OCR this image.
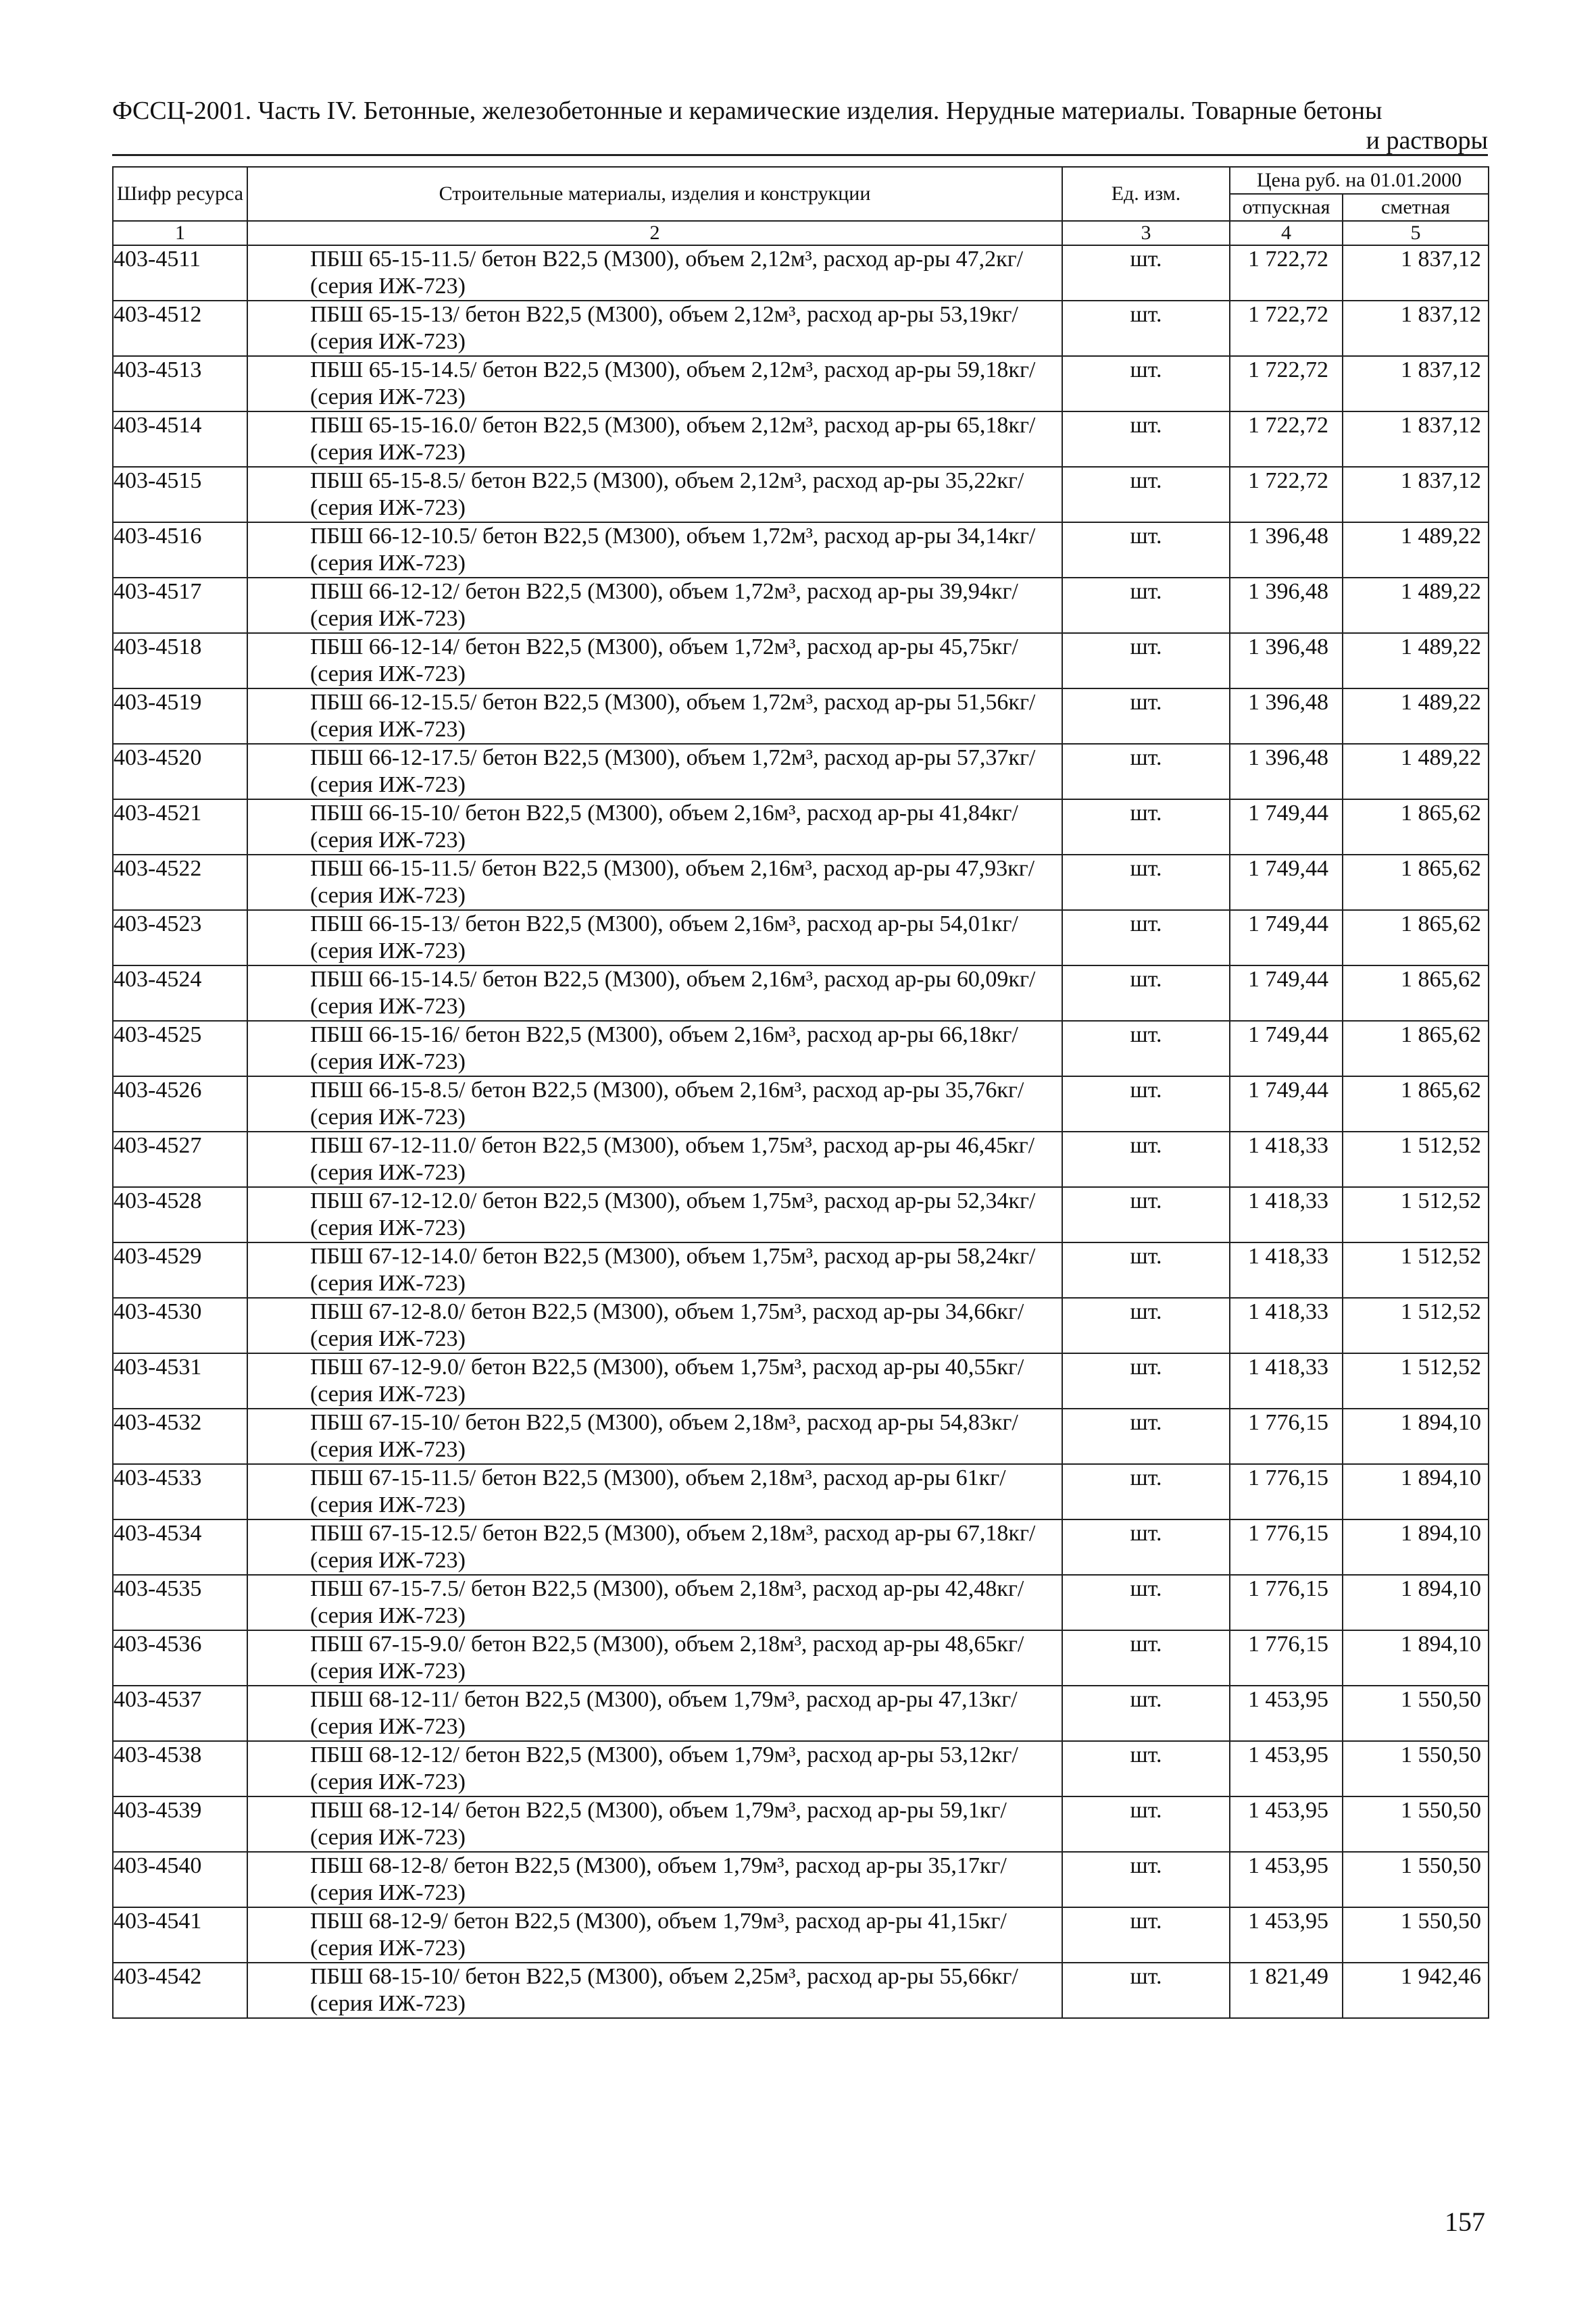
ФССЦ-2001. Часть IV. Бетонные, железобетонные и керамические изделия. Нерудные материалы. Товарные бетоны
и растворы
Шифр ресурса	Строительные материалы, изделия и конструкции	Ед. изм.	Цена руб. на 01.01.2000	
			отпускная	сметная
1	2	3	4	5
403-4511	ПБШ 65-15-11.5/ бетон В22,5 (М300), объем 2,12м³, расход ар-ры 47,2кг/ (серия ИЖ-723)	шт.	1 722,72	1 837,12
403-4512	ПБШ 65-15-13/ бетон В22,5 (М300), объем 2,12м³, расход ар-ры 53,19кг/ (серия ИЖ-723)	шт.	1 722,72	1 837,12
403-4513	ПБШ 65-15-14.5/ бетон В22,5 (М300), объем 2,12м³, расход ар-ры 59,18кг/ (серия ИЖ-723)	шт.	1 722,72	1 837,12
403-4514	ПБШ 65-15-16.0/ бетон В22,5 (М300), объем 2,12м³, расход ар-ры 65,18кг/ (серия ИЖ-723)	шт.	1 722,72	1 837,12
403-4515	ПБШ 65-15-8.5/ бетон В22,5 (М300), объем 2,12м³, расход ар-ры 35,22кг/ (серия ИЖ-723)	шт.	1 722,72	1 837,12
403-4516	ПБШ 66-12-10.5/ бетон В22,5 (М300), объем 1,72м³, расход ар-ры 34,14кг/ (серия ИЖ-723)	шт.	1 396,48	1 489,22
403-4517	ПБШ 66-12-12/ бетон В22,5 (М300), объем 1,72м³, расход ар-ры 39,94кг/ (серия ИЖ-723)	шт.	1 396,48	1 489,22
403-4518	ПБШ 66-12-14/ бетон В22,5 (М300), объем 1,72м³, расход ар-ры 45,75кг/ (серия ИЖ-723)	шт.	1 396,48	1 489,22
403-4519	ПБШ 66-12-15.5/ бетон В22,5 (М300), объем 1,72м³, расход ар-ры 51,56кг/ (серия ИЖ-723)	шт.	1 396,48	1 489,22
403-4520	ПБШ 66-12-17.5/ бетон В22,5 (М300), объем 1,72м³, расход ар-ры 57,37кг/ (серия ИЖ-723)	шт.	1 396,48	1 489,22
403-4521	ПБШ 66-15-10/ бетон В22,5 (М300), объем 2,16м³, расход ар-ры 41,84кг/ (серия ИЖ-723)	шт.	1 749,44	1 865,62
403-4522	ПБШ 66-15-11.5/ бетон В22,5 (М300), объем 2,16м³, расход ар-ры 47,93кг/ (серия ИЖ-723)	шт.	1 749,44	1 865,62
403-4523	ПБШ 66-15-13/ бетон В22,5 (М300), объем 2,16м³, расход ар-ры 54,01кг/ (серия ИЖ-723)	шт.	1 749,44	1 865,62
403-4524	ПБШ 66-15-14.5/ бетон В22,5 (М300), объем 2,16м³, расход ар-ры 60,09кг/ (серия ИЖ-723)	шт.	1 749,44	1 865,62
403-4525	ПБШ 66-15-16/ бетон В22,5 (М300), объем 2,16м³, расход ар-ры 66,18кг/ (серия ИЖ-723)	шт.	1 749,44	1 865,62
403-4526	ПБШ 66-15-8.5/ бетон В22,5 (М300), объем 2,16м³, расход ар-ры 35,76кг/ (серия ИЖ-723)	шт.	1 749,44	1 865,62
403-4527	ПБШ 67-12-11.0/ бетон В22,5 (М300), объем 1,75м³, расход ар-ры 46,45кг/ (серия ИЖ-723)	шт.	1 418,33	1 512,52
403-4528	ПБШ 67-12-12.0/ бетон В22,5 (М300), объем 1,75м³, расход ар-ры 52,34кг/ (серия ИЖ-723)	шт.	1 418,33	1 512,52
403-4529	ПБШ 67-12-14.0/ бетон В22,5 (М300), объем 1,75м³, расход ар-ры 58,24кг/ (серия ИЖ-723)	шт.	1 418,33	1 512,52
403-4530	ПБШ 67-12-8.0/ бетон В22,5 (М300), объем 1,75м³, расход ар-ры 34,66кг/ (серия ИЖ-723)	шт.	1 418,33	1 512,52
403-4531	ПБШ 67-12-9.0/ бетон В22,5 (М300), объем 1,75м³, расход ар-ры 40,55кг/ (серия ИЖ-723)	шт.	1 418,33	1 512,52
403-4532	ПБШ 67-15-10/ бетон В22,5 (М300), объем 2,18м³, расход ар-ры 54,83кг/ (серия ИЖ-723)	шт.	1 776,15	1 894,10
403-4533	ПБШ 67-15-11.5/ бетон В22,5 (М300), объем 2,18м³, расход ар-ры 61кг/ (серия ИЖ-723)	шт.	1 776,15	1 894,10
403-4534	ПБШ 67-15-12.5/ бетон В22,5 (М300), объем 2,18м³, расход ар-ры 67,18кг/ (серия ИЖ-723)	шт.	1 776,15	1 894,10
403-4535	ПБШ 67-15-7.5/ бетон В22,5 (М300), объем 2,18м³, расход ар-ры 42,48кг/ (серия ИЖ-723)	шт.	1 776,15	1 894,10
403-4536	ПБШ 67-15-9.0/ бетон В22,5 (М300), объем 2,18м³, расход ар-ры 48,65кг/ (серия ИЖ-723)	шт.	1 776,15	1 894,10
403-4537	ПБШ 68-12-11/ бетон В22,5 (М300), объем 1,79м³, расход ар-ры 47,13кг/ (серия ИЖ-723)	шт.	1 453,95	1 550,50
403-4538	ПБШ 68-12-12/ бетон В22,5 (М300), объем 1,79м³, расход ар-ры 53,12кг/ (серия ИЖ-723)	шт.	1 453,95	1 550,50
403-4539	ПБШ 68-12-14/ бетон В22,5 (М300), объем 1,79м³, расход ар-ры 59,1кг/ (серия ИЖ-723)	шт.	1 453,95	1 550,50
403-4540	ПБШ 68-12-8/ бетон В22,5 (М300), объем 1,79м³, расход ар-ры 35,17кг/ (серия ИЖ-723)	шт.	1 453,95	1 550,50
403-4541	ПБШ 68-12-9/ бетон В22,5 (М300), объем 1,79м³, расход ар-ры 41,15кг/ (серия ИЖ-723)	шт.	1 453,95	1 550,50
403-4542	ПБШ 68-15-10/ бетон В22,5 (М300), объем 2,25м³, расход ар-ры 55,66кг/ (серия ИЖ-723)	шт.	1 821,49	1 942,46
157
